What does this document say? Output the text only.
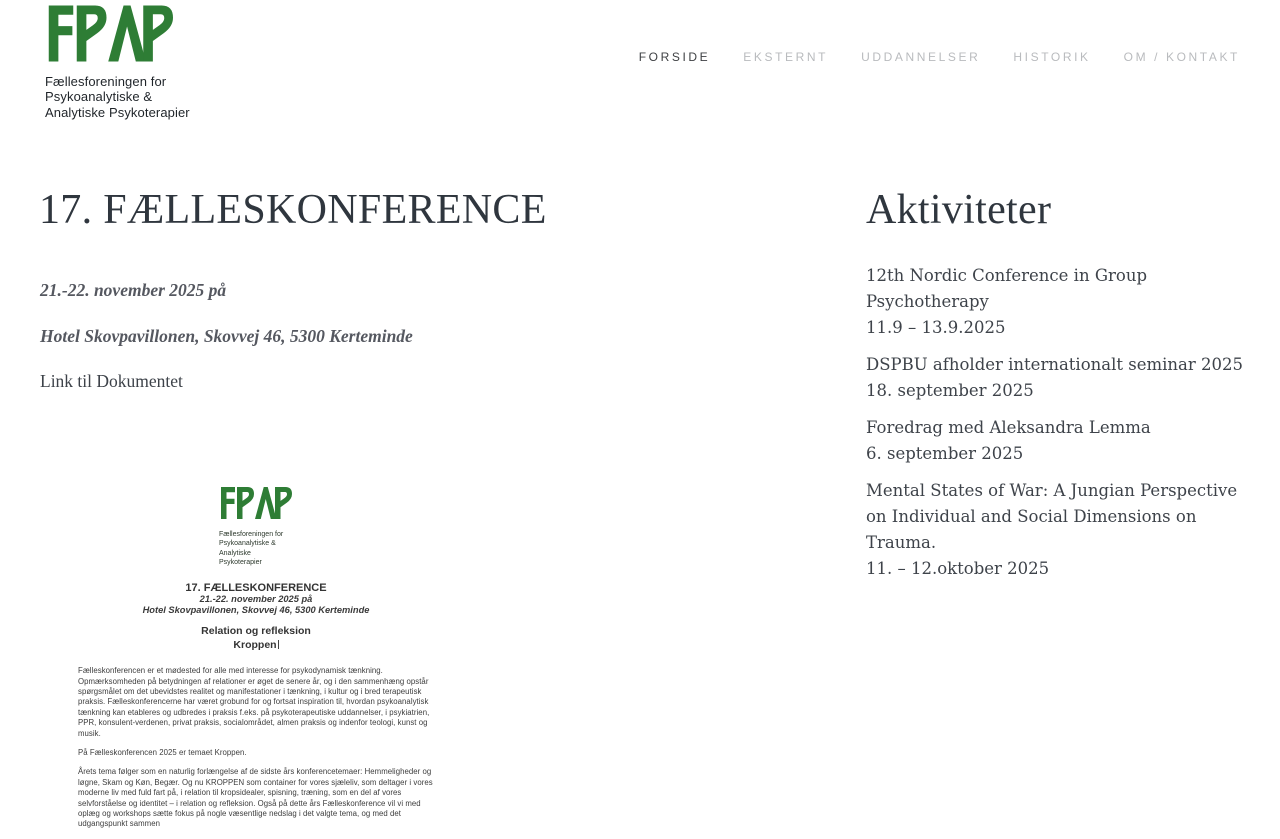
Fællesforeningen for
Psykoanalytiske &
Analytiske Psykoterapier
FORSIDE	EKSTERNT	UDDANNELSER	HISTORIK	OM / KONTAKT
17. FÆLLESKONFERENCE
21.-22. november 2025 på
Hotel Skovpavillonen, Skovvej 46, 5300 Kerteminde
Link til Dokumentet
Fællesforeningen for
Psykoanalytiske &
Analytiske Psykoterapier
17. FÆLLESKONFERENCE
21.-22. november 2025 på
Hotel Skovpavillonen, Skovvej 46, 5300 Kerteminde
Relation og refleksion
Kroppen

Fælleskonferencen er et mødested for alle med interesse for psykodynamisk tænkning. Opmærksomheden på betydningen af relationer er øget de senere år, og i den sammenhæng opstår spørgsmålet om det ubevidstes realitet og manifestationer i tænkning, i kultur og i bred terapeutisk praksis. Fælleskonferencerne har været grobund for og fortsat inspiration til, hvordan psykoanalytisk tænkning kan etableres og udbredes i praksis f.eks. på psykoterapeutiske uddannelser, i psykiatrien, PPR, konsulent-verdenen, privat praksis, socialområdet, almen praksis og indenfor teologi, kunst og musik.

På Fælleskonferencen 2025 er temaet Kroppen.

Årets tema følger som en naturlig forlængelse af de sidste års konferencetemaer: Hemmeligheder og løgne, Skam og Køn, Begær. Og nu KROPPEN som container for vores sjæleliv, som deltager i vores moderne liv med fuld fart på, i relation til kropsidealer, spisning, træning, som en del af vores selvforståelse og identitet – i relation og refleksion. Også på dette års Fælleskonference vil vi med oplæg og workshops sætte fokus på nogle væsentlige nedslag i det valgte tema, og med det udgangspunkt sammen

Aktiviteter
12th Nordic Conference in Group Psychotherapy
11.9 – 13.9.2025
DSPBU afholder internationalt seminar 2025
18. september 2025
Foredrag med Aleksandra Lemma
6. september 2025
Mental States of War: A Jungian Perspective on Individual and Social Dimensions on Trauma.
11. – 12.oktober 2025
